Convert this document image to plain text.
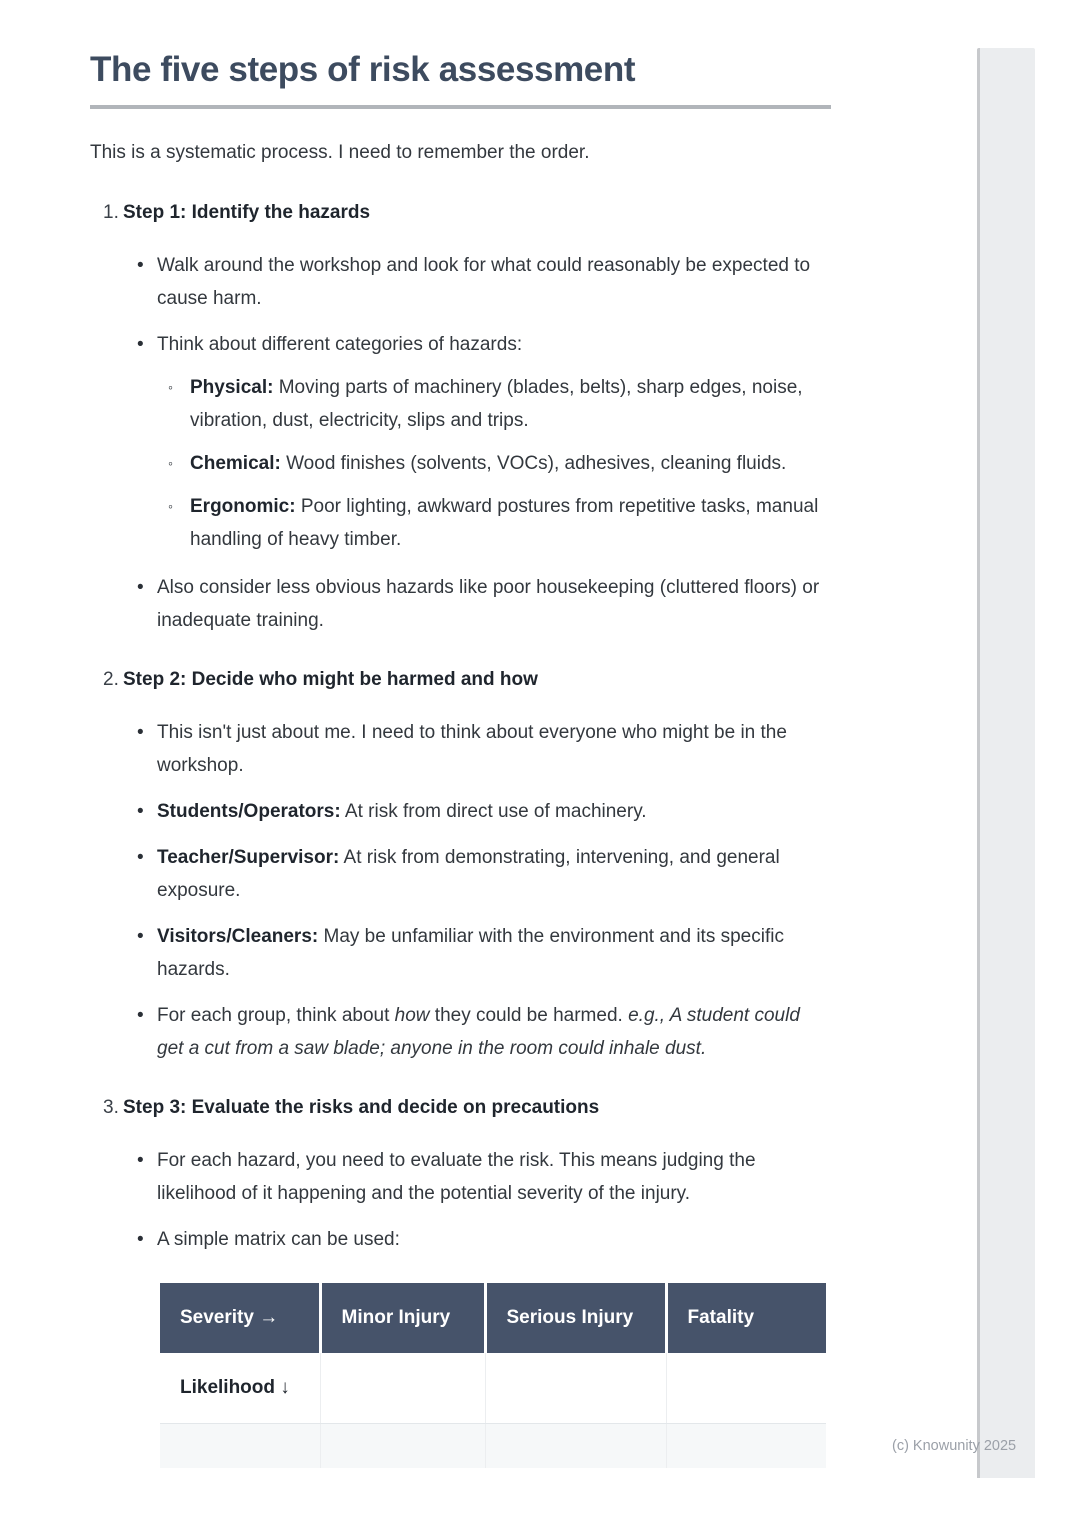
The five steps of risk assessment

This is a systematic process. I need to remember the order.

1. Step 1: Identify the hazards
• Walk around the workshop and look for what could reasonably be expected to cause harm.
• Think about different categories of hazards:
◦ Physical: Moving parts of machinery (blades, belts), sharp edges, noise, vibration, dust, electricity, slips and trips.
◦ Chemical: Wood finishes (solvents, VOCs), adhesives, cleaning fluids.
◦ Ergonomic: Poor lighting, awkward postures from repetitive tasks, manual handling of heavy timber.
• Also consider less obvious hazards like poor housekeeping (cluttered floors) or inadequate training.
2. Step 2: Decide who might be harmed and how
• This isn't just about me. I need to think about everyone who might be in the workshop.
• Students/Operators: At risk from direct use of machinery.
• Teacher/Supervisor: At risk from demonstrating, intervening, and general exposure.
• Visitors/Cleaners: May be unfamiliar with the environment and its specific hazards.
• For each group, think about how they could be harmed. e.g., A student could get a cut from a saw blade; anyone in the room could inhale dust.
3. Step 3: Evaluate the risks and decide on precautions
• For each hazard, you need to evaluate the risk. This means judging the likelihood of it happening and the potential severity of the injury.
• A simple matrix can be used:
Severity →	Minor Injury	Serious Injury	Fatality
Likelihood ↓			

(c) Knowunity 2025
